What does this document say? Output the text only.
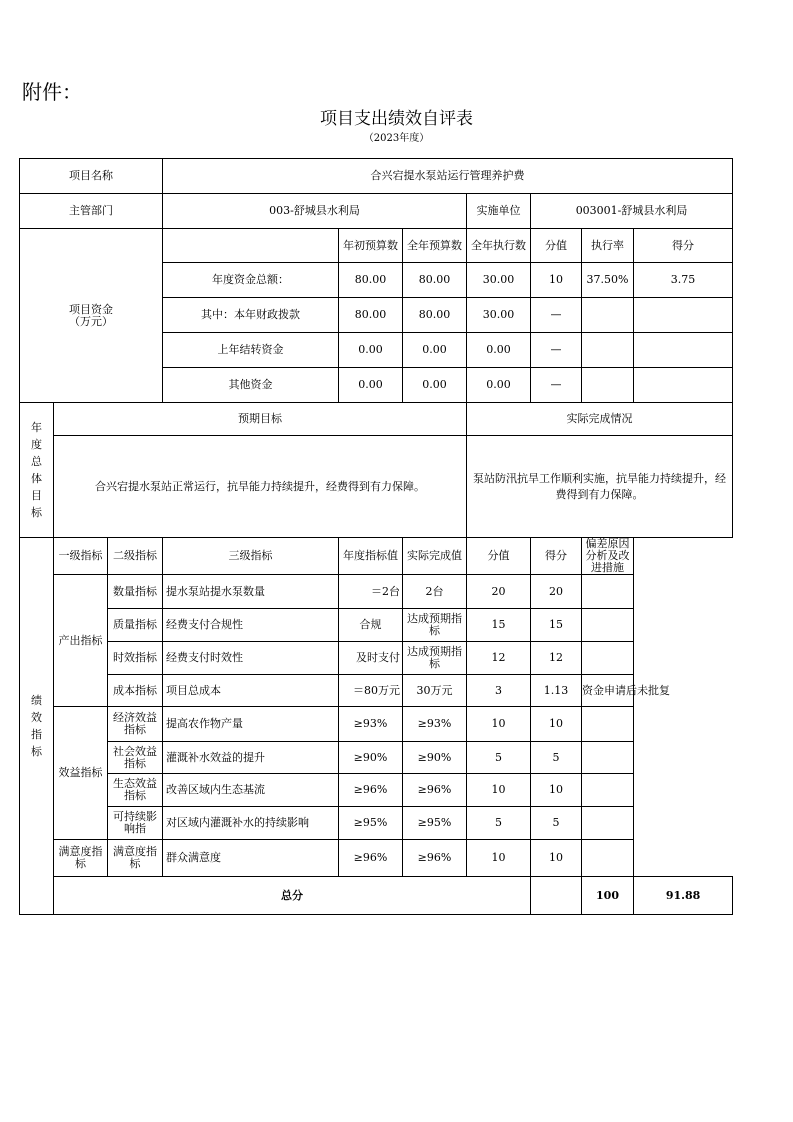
附件：
项目支出绩效自评表
（2023年度）
项目名称			合兴宕提水泵站运行管理养护费							
主管部门			003-舒城县水利局			实施单位	003001-舒城县水利局			

项目资金
（万元）				年初预算数	全年预算数	全年执行数	分值	执行率	得分	
			年度资金总额：	80.00	80.00	30.00	10	37.50%	3.75	
			其中：本年财政拨款	80.00	80.00	30.00	—			
			上年结转资金	0.00	0.00	0.00	—			
			其他资金	0.00	0.00	0.00	—			

年度总体目标	预期目标					实际完成情况				
	合兴宕提水泵站正常运行，抗旱能力持续提升，经费得到有力保障。					泵站防汛抗旱工作顺利实施，抗旱能力持续提升，经费得到有力保障。				

绩效指标	一级指标	二级指标	三级指标	年度指标值	实际完成值	分值	得分	偏差原因分析及改进措施		
	产出指标	数量指标	提水泵站提水泵数量	＝2台	2台	20	20			
		质量指标	经费支付合规性	合规	达成预期指标	15	15			
		时效指标	经费支付时效性	及时支付	达成预期指标	12	12			
		成本指标	项目总成本	＝80万元	30万元	3	1.13	资金申请后未批复		
	效益指标	经济效益指标	提高农作物产量	≥93%	≥93%	10	10			
		社会效益指标	灌溉补水效益的提升	≥90%	≥90%	5	5			
		生态效益指标	改善区域内生态基流	≥96%	≥96%	10	10			
		可持续影响指	对区域内灌溉补水的持续影响	≥95%	≥95%	5	5			
	满意度指标	满意度指标	群众满意度	≥96%	≥96%	10	10			
	总分							100	91.88	
